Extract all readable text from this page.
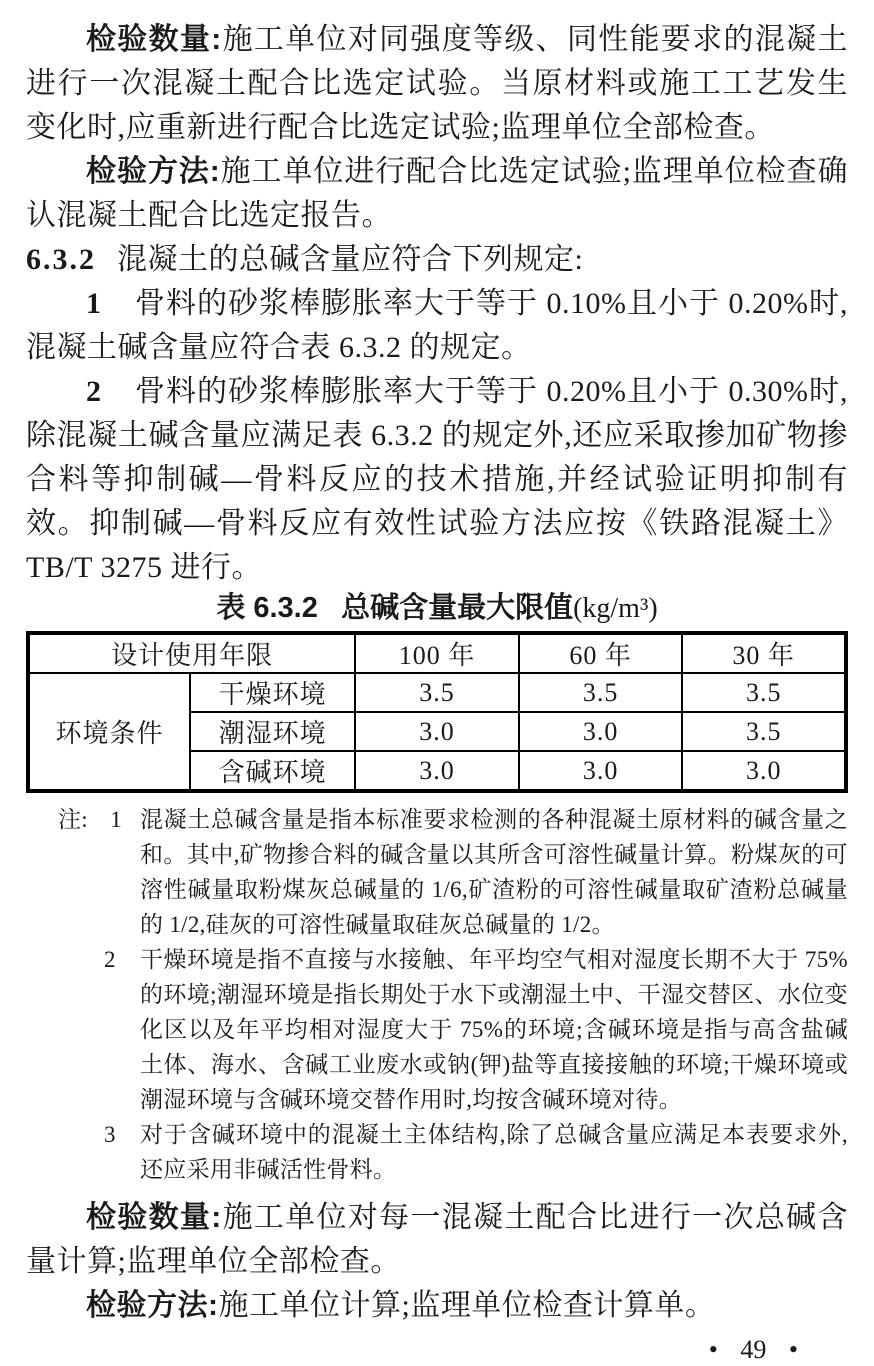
检验数量:施工单位对同强度等级、同性能要求的混凝土进行一次混凝土配合比选定试验。当原材料或施工工艺发生变化时,应重新进行配合比选定试验;监理单位全部检查。

检验方法:施工单位进行配合比选定试验;监理单位检查确认混凝土配合比选定报告。

6.3.2 混凝土的总碱含量应符合下列规定:

1 骨料的砂浆棒膨胀率大于等于 0.10%且小于 0.20%时,混凝土碱含量应符合表 6.3.2 的规定。

2 骨料的砂浆棒膨胀率大于等于 0.20%且小于 0.30%时,除混凝土碱含量应满足表 6.3.2 的规定外,还应采取掺加矿物掺合料等抑制碱—骨料反应的技术措施,并经试验证明抑制有效。抑制碱—骨料反应有效性试验方法应按《铁路混凝土》TB/T 3275 进行。

表 6.3.2 总碱含量最大限值(kg/m³)
设计使用年限		100 年	60 年	30 年
环境条件	干燥环境	3.5	3.5	3.5
	潮湿环境	3.0	3.0	3.5
	含碱环境	3.0	3.0	3.0
注: 1 混凝土总碱含量是指本标准要求检测的各种混凝土原材料的碱含量之和。其中,矿物掺合料的碱含量以其所含可溶性碱量计算。粉煤灰的可溶性碱量取粉煤灰总碱量的 1/6,矿渣粉的可溶性碱量取矿渣粉总碱量的 1/2,硅灰的可溶性碱量取硅灰总碱量的 1/2。
2 干燥环境是指不直接与水接触、年平均空气相对湿度长期不大于 75%的环境;潮湿环境是指长期处于水下或潮湿土中、干湿交替区、水位变化区以及年平均相对湿度大于 75%的环境;含碱环境是指与高含盐碱土体、海水、含碱工业废水或钠(钾)盐等直接接触的环境;干燥环境或潮湿环境与含碱环境交替作用时,均按含碱环境对待。
3 对于含碱环境中的混凝土主体结构,除了总碱含量应满足本表要求外,还应采用非碱活性骨料。

检验数量:施工单位对每一混凝土配合比进行一次总碱含量计算;监理单位全部检查。

检验方法:施工单位计算;监理单位检查计算单。

• 49 •
